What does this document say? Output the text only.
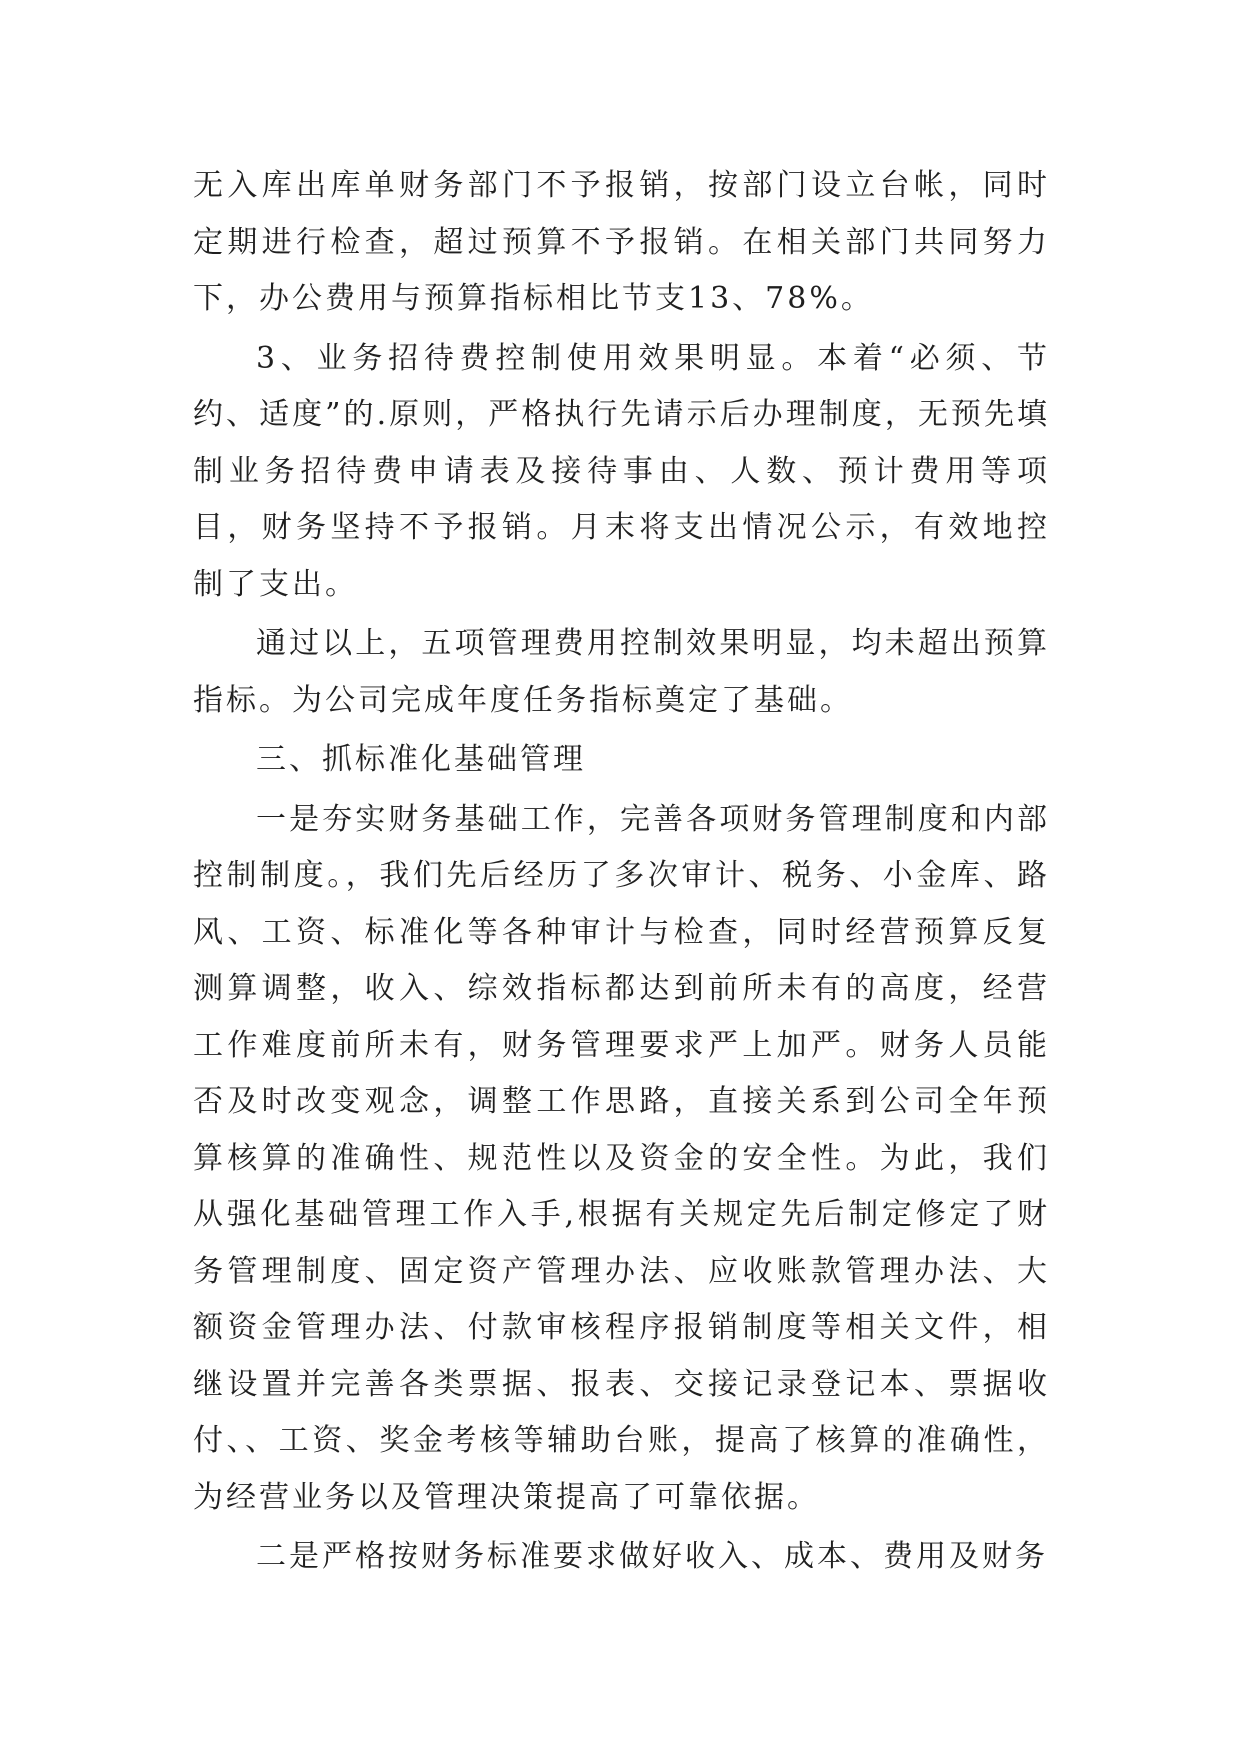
无入库出库单财务部门不予报销，按部门设立台帐，同时定期进行检查，超过预算不予报销。在相关部门共同努力下，办公费用与预算指标相比节支13、78%。

3、业务招待费控制使用效果明显。本着“必须、节约、适度”的.原则，严格执行先请示后办理制度，无预先填制业务招待费申请表及接待事由、人数、预计费用等项目，财务坚持不予报销。月末将支出情况公示，有效地控制了支出。

通过以上，五项管理费用控制效果明显，均未超出预算指标。为公司完成年度任务指标奠定了基础。

三、抓标准化基础管理

一是夯实财务基础工作，完善各项财务管理制度和内部控制制度。，我们先后经历了多次审计、税务、小金库、路风、工资、标准化等各种审计与检查，同时经营预算反复测算调整，收入、综效指标都达到前所未有的高度，经营工作难度前所未有，财务管理要求严上加严。财务人员能否及时改变观念，调整工作思路，直接关系到公司全年预算核算的准确性、规范性以及资金的安全性。为此，我们从强化基础管理工作入手,根据有关规定先后制定修定了财务管理制度、固定资产管理办法、应收账款管理办法、大额资金管理办法、付款审核程序报销制度等相关文件，相继设置并完善各类票据、报表、交接记录登记本、票据收付、、工资、奖金考核等辅助台账，提高了核算的准确性，为经营业务以及管理决策提高了可靠依据。

二是严格按财务标准要求做好收入、成本、费用及财务
